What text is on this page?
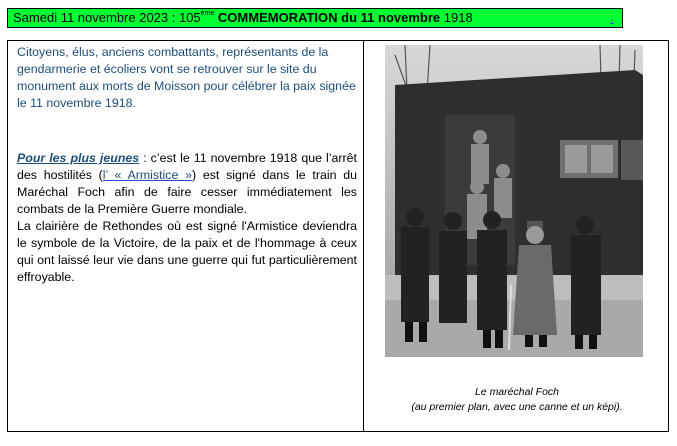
Samedi 11 novembre 2023 : 105ème COMMEMORATION du 11 novembre 1918	.

Citoyens, élus, anciens combattants, représentants de la gendarmerie et écoliers vont se retrouver sur le site du monument aux morts de Moisson pour célébrer la paix signée le 11 novembre 1918.

Pour les plus jeunes : c’est le 11 novembre 1918 que l’arrêt des hostilités (l’ « Armistice ») est signé dans le train du Maréchal Foch afin de faire cesser immédiatement les combats de la Première Guerre mondiale.
La clairière de Rethondes où est signé l'Armistice deviendra le symbole de la Victoire, de la paix et de l'hommage à ceux qui ont laissé leur vie dans une guerre qui fut particulièrement effroyable.

Le maréchal Foch
(au premier plan, avec une canne et un képi).
